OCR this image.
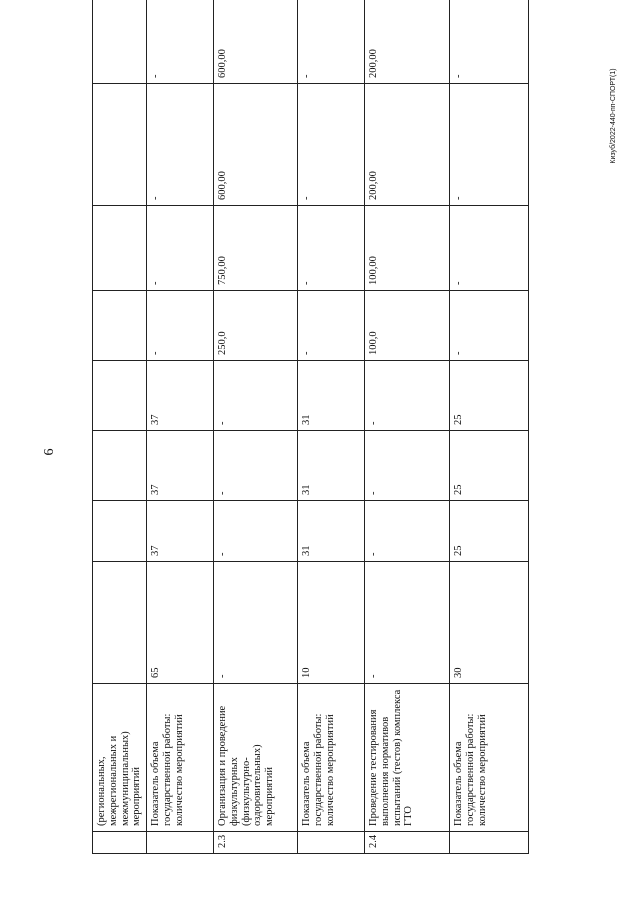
6
Кизуб/2022-440-пп-СПОРТ(1)
	(региональных, межрегиональных и межмуниципальных) мероприятий									
	Показатель объема государственной работы: количество мероприятий	65	37	37	37	-	-	-	-	
2.3	Организация и проведение физкультурных (физкультурно-оздоровительных) мероприятий	-	-	-	-	250,0	750,00	600,00	600,00	
	Показатель объема государственной работы: количество мероприятий	10	31	31	31	-	-	-	-	
2.4	Проведение тестирования выполнения нормативов испытаний (тестов) комплекса ГТО	-	-	-	-	100,0	100,00	200,00	200,00	
	Показатель объема государственной работы: количество мероприятий	30	25	25	25	-	-	-	-	
